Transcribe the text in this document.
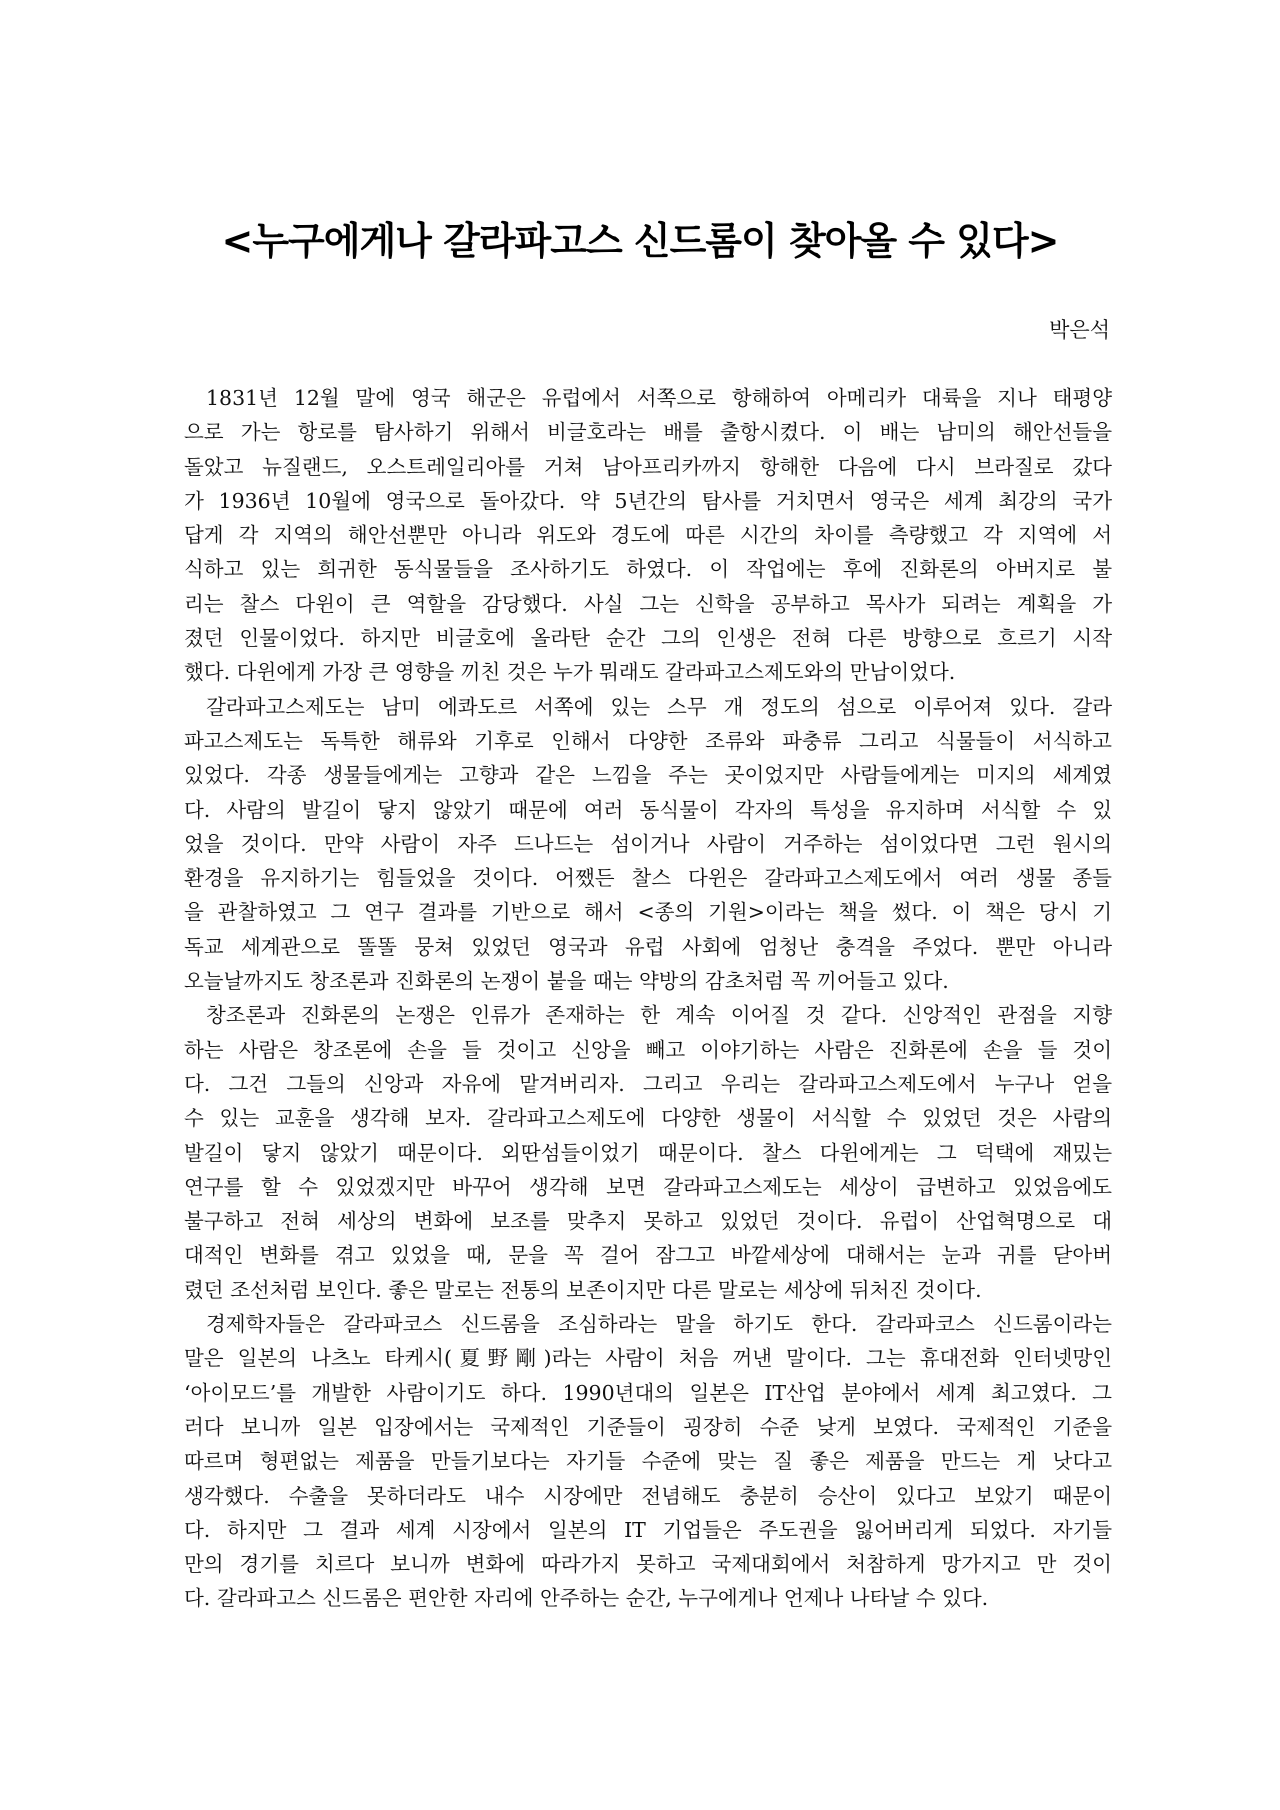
<누구에게나 갈라파고스 신드롬이 찾아올 수 있다>
박은석
1831년 12월 말에 영국 해군은 유럽에서 서쪽으로 항해하여 아메리카 대륙을 지나 태평양
으로 가는 항로를 탐사하기 위해서 비글호라는 배를 출항시켰다. 이 배는 남미의 해안선들을
돌았고 뉴질랜드, 오스트레일리아를 거쳐 남아프리카까지 항해한 다음에 다시 브라질로 갔다
가 1936년 10월에 영국으로 돌아갔다. 약 5년간의 탐사를 거치면서 영국은 세계 최강의 국가
답게 각 지역의 해안선뿐만 아니라 위도와 경도에 따른 시간의 차이를 측량했고 각 지역에 서
식하고 있는 희귀한 동식물들을 조사하기도 하였다. 이 작업에는 후에 진화론의 아버지로 불
리는 찰스 다윈이 큰 역할을 감당했다. 사실 그는 신학을 공부하고 목사가 되려는 계획을 가
졌던 인물이었다. 하지만 비글호에 올라탄 순간 그의 인생은 전혀 다른 방향으로 흐르기 시작
했다. 다윈에게 가장 큰 영향을 끼친 것은 누가 뭐래도 갈라파고스제도와의 만남이었다.
갈라파고스제도는 남미 에콰도르 서쪽에 있는 스무 개 정도의 섬으로 이루어져 있다. 갈라
파고스제도는 독특한 해류와 기후로 인해서 다양한 조류와 파충류 그리고 식물들이 서식하고
있었다. 각종 생물들에게는 고향과 같은 느낌을 주는 곳이었지만 사람들에게는 미지의 세계였
다. 사람의 발길이 닿지 않았기 때문에 여러 동식물이 각자의 특성을 유지하며 서식할 수 있
었을 것이다. 만약 사람이 자주 드나드는 섬이거나 사람이 거주하는 섬이었다면 그런 원시의
환경을 유지하기는 힘들었을 것이다. 어쨌든 찰스 다윈은 갈라파고스제도에서 여러 생물 종들
을 관찰하였고 그 연구 결과를 기반으로 해서 <종의 기원>이라는 책을 썼다. 이 책은 당시 기
독교 세계관으로 똘똘 뭉쳐 있었던 영국과 유럽 사회에 엄청난 충격을 주었다. 뿐만 아니라
오늘날까지도 창조론과 진화론의 논쟁이 붙을 때는 약방의 감초처럼 꼭 끼어들고 있다.
창조론과 진화론의 논쟁은 인류가 존재하는 한 계속 이어질 것 같다. 신앙적인 관점을 지향
하는 사람은 창조론에 손을 들 것이고 신앙을 빼고 이야기하는 사람은 진화론에 손을 들 것이
다. 그건 그들의 신앙과 자유에 맡겨버리자. 그리고 우리는 갈라파고스제도에서 누구나 얻을
수 있는 교훈을 생각해 보자. 갈라파고스제도에 다양한 생물이 서식할 수 있었던 것은 사람의
발길이 닿지 않았기 때문이다. 외딴섬들이었기 때문이다. 찰스 다윈에게는 그 덕택에 재밌는
연구를 할 수 있었겠지만 바꾸어 생각해 보면 갈라파고스제도는 세상이 급변하고 있었음에도
불구하고 전혀 세상의 변화에 보조를 맞추지 못하고 있었던 것이다. 유럽이 산업혁명으로 대
대적인 변화를 겪고 있었을 때, 문을 꼭 걸어 잠그고 바깥세상에 대해서는 눈과 귀를 닫아버
렸던 조선처럼 보인다. 좋은 말로는 전통의 보존이지만 다른 말로는 세상에 뒤처진 것이다.
경제학자들은 갈라파코스 신드롬을 조심하라는 말을 하기도 한다. 갈라파코스 신드롬이라는
말은 일본의 나츠노 타케시(夏野剛)라는 사람이 처음 꺼낸 말이다. 그는 휴대전화 인터넷망인
‘아이모드’를 개발한 사람이기도 하다. 1990년대의 일본은 IT산업 분야에서 세계 최고였다. 그
러다 보니까 일본 입장에서는 국제적인 기준들이 굉장히 수준 낮게 보였다. 국제적인 기준을
따르며 형편없는 제품을 만들기보다는 자기들 수준에 맞는 질 좋은 제품을 만드는 게 낫다고
생각했다. 수출을 못하더라도 내수 시장에만 전념해도 충분히 승산이 있다고 보았기 때문이
다. 하지만 그 결과 세계 시장에서 일본의 IT 기업들은 주도권을 잃어버리게 되었다. 자기들
만의 경기를 치르다 보니까 변화에 따라가지 못하고 국제대회에서 처참하게 망가지고 만 것이
다. 갈라파고스 신드롬은 편안한 자리에 안주하는 순간, 누구에게나 언제나 나타날 수 있다.
